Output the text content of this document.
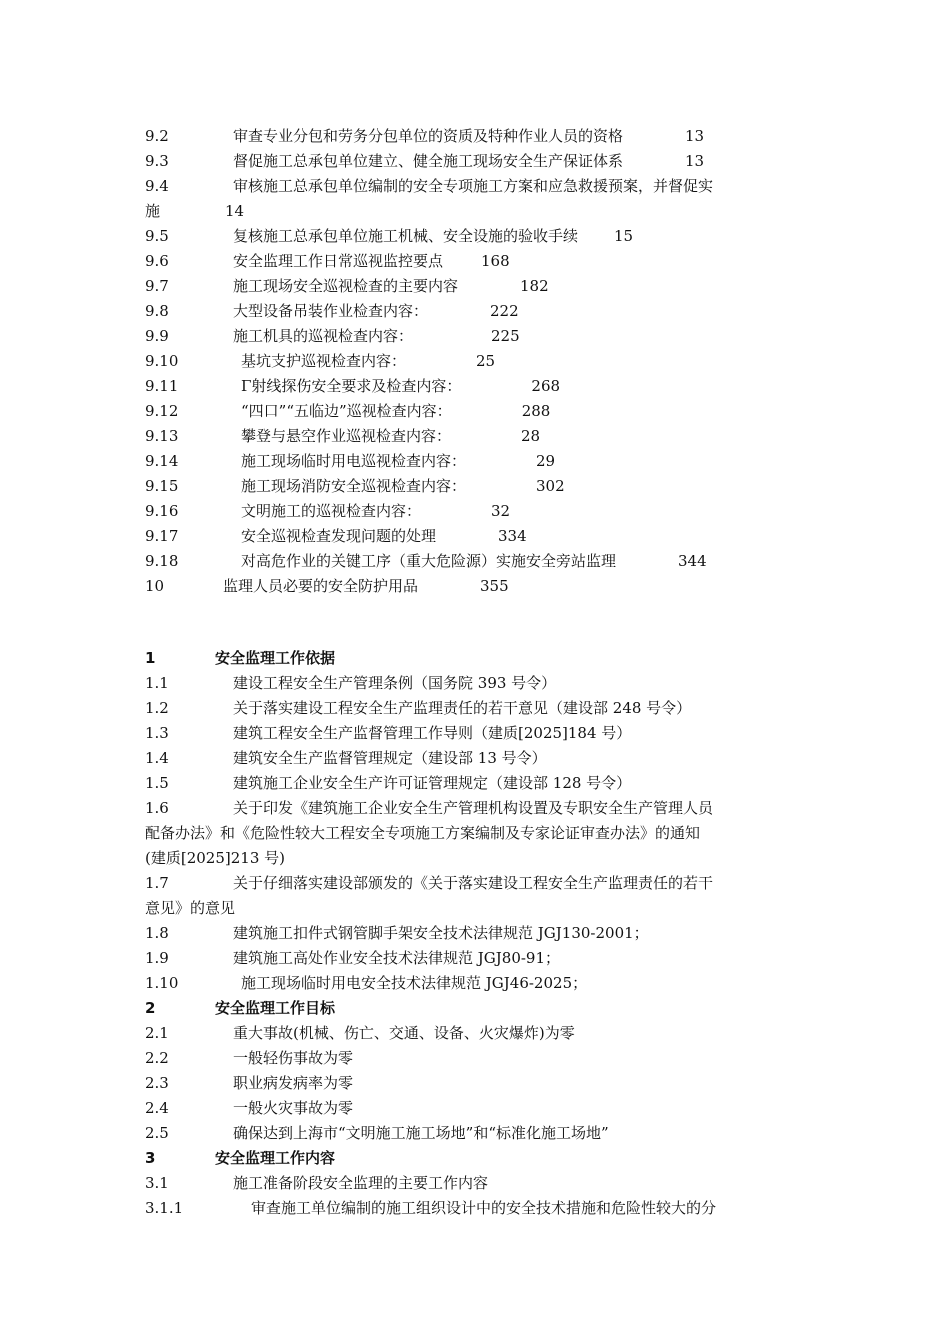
9.2	审查专业分包和劳务分包单位的资质及特种作业人员的资格	13
9.3	督促施工总承包单位建立、健全施工现场安全生产保证体系	13
9.4	审核施工总承包单位编制的安全专项施工方案和应急救援预案，并督促实
施	14
9.5	复核施工总承包单位施工机械、安全设施的验收手续 15
9.6	安全监理工作日常巡视监控要点	168
9.7	施工现场安全巡视检查的主要内容	182
9.8	大型设备吊装作业检查内容：	222
9.9	施工机具的巡视检查内容：	225
9.10	基坑支护巡视检查内容：	25
9.11	Γ射线探伤安全要求及检查内容：	268
9.12	“四口”“五临边”巡视检查内容：	288
9.13	攀登与悬空作业巡视检查内容：	28
9.14	施工现场临时用电巡视检查内容：	29
9.15	施工现场消防安全巡视检查内容：	302
9.16	文明施工的巡视检查内容：	32
9.17	安全巡视检查发现问题的处理	334
9.18	对高危作业的关键工序（重大危险源）实施安全旁站监理	344
10	监理人员必要的安全防护用品	355
1	安全监理工作依据
1.1	建设工程安全生产管理条例（国务院 393 号令）
1.2	关于落实建设工程安全生产监理责任的若干意见（建设部 248 号令）
1.3	建筑工程安全生产监督管理工作导则（建质[2025]184 号）
1.4	建筑安全生产监督管理规定（建设部 13 号令）
1.5	建筑施工企业安全生产许可证管理规定（建设部 128 号令）
1.6	关于印发《建筑施工企业安全生产管理机构设置及专职安全生产管理人员
配备办法》和《危险性较大工程安全专项施工方案编制及专家论证审查办法》的通知
(建质[2025]213 号)
1.7	关于仔细落实建设部颁发的《关于落实建设工程安全生产监理责任的若干
意见》的意见
1.8	建筑施工扣件式钢管脚手架安全技术法律规范 JGJ130-2001；
1.9	建筑施工高处作业安全技术法律规范 JGJ80-91；
1.10	施工现场临时用电安全技术法律规范 JGJ46-2025；
2	安全监理工作目标
2.1	重大事故(机械、伤亡、交通、设备、火灾爆炸)为零
2.2	一般轻伤事故为零
2.3	职业病发病率为零
2.4	一般火灾事故为零
2.5	确保达到上海市“文明施工施工场地”和“标准化施工场地”
3	安全监理工作内容
3.1	施工准备阶段安全监理的主要工作内容
3.1.1	审查施工单位编制的施工组织设计中的安全技术措施和危险性较大的分
